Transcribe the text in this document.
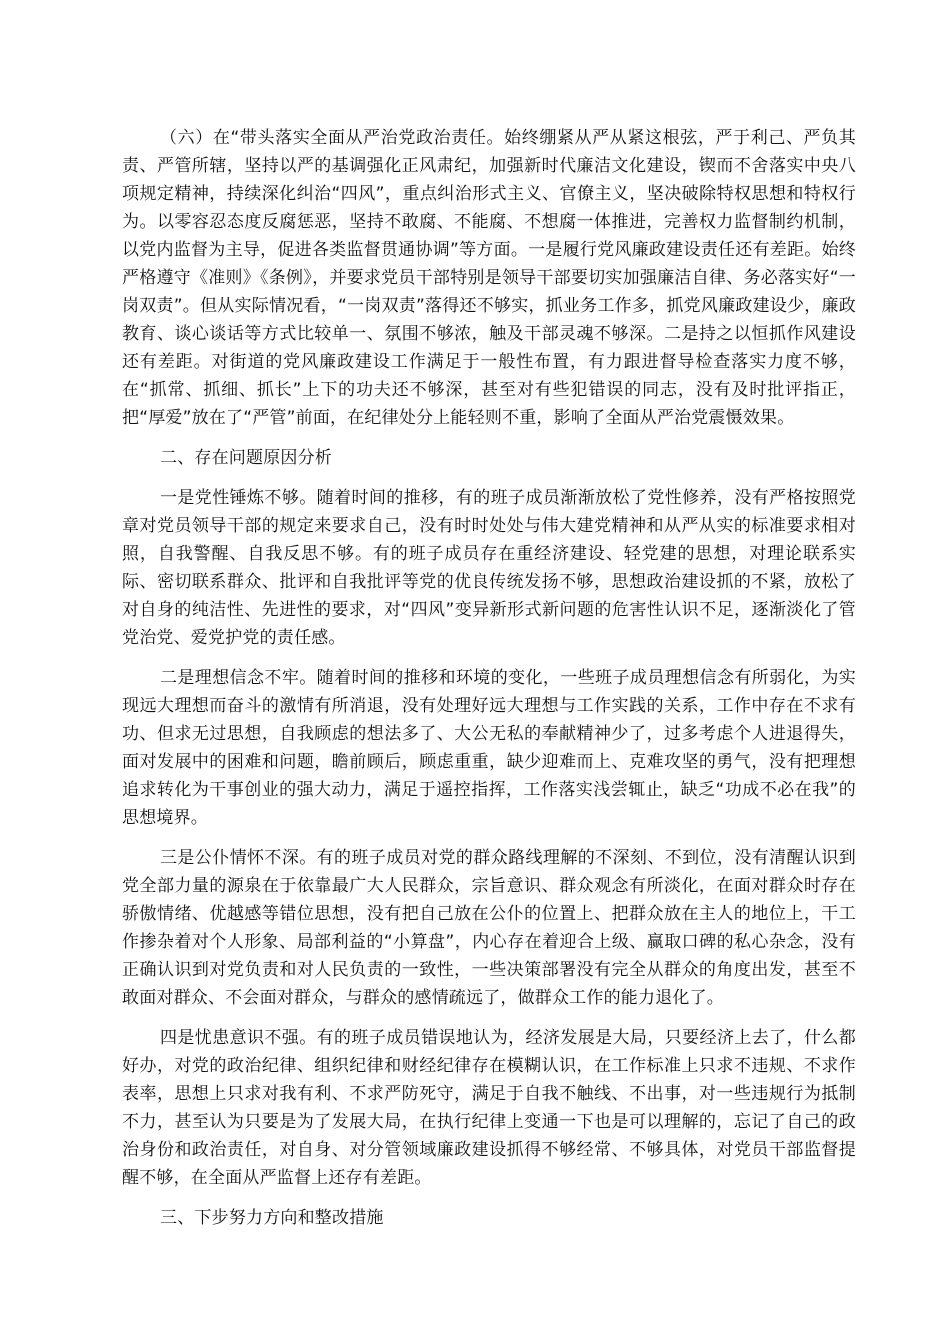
（六）在“带头落实全面从严治党政治责任。始终绷紧从严从紧这根弦，严于利己、严负其责、严管所辖，坚持以严的基调强化正风肃纪，加强新时代廉洁文化建设，锲而不舍落实中央八项规定精神，持续深化纠治“四风”，重点纠治形式主义、官僚主义，坚决破除特权思想和特权行为。以零容忍态度反腐惩恶，坚持不敢腐、不能腐、不想腐一体推进，完善权力监督制约机制，以党内监督为主导，促进各类监督贯通协调”等方面。一是履行党风廉政建设责任还有差距。始终严格遵守《准则》《条例》，并要求党员干部特别是领导干部要切实加强廉洁自律、务必落实好“一岗双责”。但从实际情况看，“一岗双责”落得还不够实，抓业务工作多，抓党风廉政建设少，廉政教育、谈心谈话等方式比较单一、氛围不够浓，触及干部灵魂不够深。二是持之以恒抓作风建设还有差距。对街道的党风廉政建设工作满足于一般性布置，有力跟进督导检查落实力度不够，在“抓常、抓细、抓长”上下的功夫还不够深，甚至对有些犯错误的同志，没有及时批评指正，把“厚爱”放在了“严管”前面，在纪律处分上能轻则不重，影响了全面从严治党震慑效果。

二、存在问题原因分析

一是党性锤炼不够。随着时间的推移，有的班子成员渐渐放松了党性修养，没有严格按照党章对党员领导干部的规定来要求自己，没有时时处处与伟大建党精神和从严从实的标准要求相对照，自我警醒、自我反思不够。有的班子成员存在重经济建设、轻党建的思想，对理论联系实际、密切联系群众、批评和自我批评等党的优良传统发扬不够，思想政治建设抓的不紧，放松了对自身的纯洁性、先进性的要求，对“四风”变异新形式新问题的危害性认识不足，逐渐淡化了管党治党、爱党护党的责任感。

二是理想信念不牢。随着时间的推移和环境的变化，一些班子成员理想信念有所弱化，为实现远大理想而奋斗的激情有所消退，没有处理好远大理想与工作实践的关系，工作中存在不求有功、但求无过思想，自我顾虑的想法多了、大公无私的奉献精神少了，过多考虑个人进退得失，面对发展中的困难和问题，瞻前顾后，顾虑重重，缺少迎难而上、克难攻坚的勇气，没有把理想追求转化为干事创业的强大动力，满足于遥控指挥，工作落实浅尝辄止，缺乏“功成不必在我”的思想境界。

三是公仆情怀不深。有的班子成员对党的群众路线理解的不深刻、不到位，没有清醒认识到党全部力量的源泉在于依靠最广大人民群众，宗旨意识、群众观念有所淡化，在面对群众时存在骄傲情绪、优越感等错位思想，没有把自己放在公仆的位置上、把群众放在主人的地位上，干工作掺杂着对个人形象、局部利益的“小算盘”，内心存在着迎合上级、赢取口碑的私心杂念，没有正确认识到对党负责和对人民负责的一致性，一些决策部署没有完全从群众的角度出发，甚至不敢面对群众、不会面对群众，与群众的感情疏远了，做群众工作的能力退化了。

四是忧患意识不强。有的班子成员错误地认为，经济发展是大局，只要经济上去了，什么都好办，对党的政治纪律、组织纪律和财经纪律存在模糊认识，在工作标准上只求不违规、不求作表率，思想上只求对我有利、不求严防死守，满足于自我不触线、不出事，对一些违规行为抵制不力，甚至认为只要是为了发展大局，在执行纪律上变通一下也是可以理解的，忘记了自己的政治身份和政治责任，对自身、对分管领域廉政建设抓得不够经常、不够具体，对党员干部监督提醒不够，在全面从严监督上还存有差距。

三、下步努力方向和整改措施
